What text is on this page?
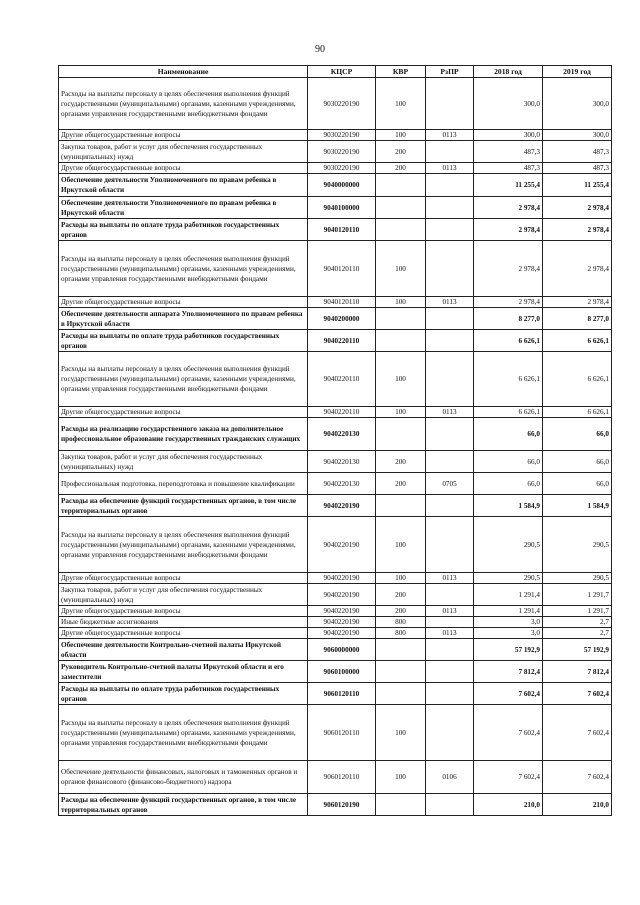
90
Наименование	КЦСР	КВР	РзПР	2018 год	2019 год
Расходы на выплаты персоналу в целях обеспечения выполнения функций государственными (муниципальными) органами, казенными учреждениями, органами управления государственными внебюджетными фондами	9030220190	100		300,0	300,0
Другие общегосударственные вопросы	9030220190	100	0113	300,0	300,0
Закупка товаров, работ и услуг для обеспечения государственных (муниципальных) нужд	9030220190	200		487,3	487,3
Другие общегосударственные вопросы	9030220190	200	0113	487,3	487,3
Обеспечение деятельности Уполномоченного по правам ребенка в Иркутской области	9040000000			11 255,4	11 255,4
Обеспечение деятельности Уполномоченного по правам ребенка в Иркутской области	9040100000			2 978,4	2 978,4
Расходы на выплаты по оплате труда работников государственных органов	9040120110			2 978,4	2 978,4
Расходы на выплаты персоналу в целях обеспечения выполнения функций государственными (муниципальными) органами, казенными учреждениями, органами управления государственными внебюджетными фондами	9040120110	100		2 978,4	2 978,4
Другие общегосударственные вопросы	9040120110	100	0113	2 978,4	2 978,4
Обеспечение деятельности аппарата Уполномоченного по правам ребенка в Иркутской области	9040200000			8 277,0	8 277,0
Расходы на выплаты по оплате труда работников государственных органов	9040220110			6 626,1	6 626,1
Расходы на выплаты персоналу в целях обеспечения выполнения функций государственными (муниципальными) органами, казенными учреждениями, органами управления государственными внебюджетными фондами	9040220110	100		6 626,1	6 626,1
Другие общегосударственные вопросы	9040220110	100	0113	6 626,1	6 626,1
Расходы на реализацию государственного заказа на дополнительное профессиональное образование государственных гражданских служащих	9040220130			66,0	66,0
Закупка товаров, работ и услуг для обеспечения государственных (муниципальных) нужд	9040220130	200		66,0	66,0
Профессиональная подготовка, переподготовка и повышение квалификации	9040220130	200	0705	66,0	66,0
Расходы на обеспечение функций государственных органов, в том числе территориальных органов	9040220190			1 584,9	1 584,9
Расходы на выплаты персоналу в целях обеспечения выполнения функций государственными (муниципальными) органами, казенными учреждениями, органами управления государственными внебюджетными фондами	9040220190	100		290,5	290,5
Другие общегосударственные вопросы	9040220190	100	0113	290,5	290,5
Закупка товаров, работ и услуг для обеспечения государственных (муниципальных) нужд	9040220190	200		1 291,4	1 291,7
Другие общегосударственные вопросы	9040220190	200	0113	1 291,4	1 291,7
Иные бюджетные ассигнования	9040220190	800		3,0	2,7
Другие общегосударственные вопросы	9040220190	800	0113	3,0	2,7
Обеспечение деятельности Контрольно-счетной палаты Иркутской области	9060000000			57 192,9	57 192,9
Руководитель Контрольно-счетной палаты Иркутской области и его заместители	9060100000			7 812,4	7 812,4
Расходы на выплаты по оплате труда работников государственных органов	9060120110			7 602,4	7 602,4
Расходы на выплаты персоналу в целях обеспечения выполнения функций государственными (муниципальными) органами, казенными учреждениями, органами управления государственными внебюджетными фондами	9060120110	100		7 602,4	7 602,4
Обеспечение деятельности финансовых, налоговых и таможенных органов и органов финансового (финансово-бюджетного) надзора	9060120110	100	0106	7 602,4	7 602,4
Расходы на обеспечение функций государственных органов, в том числе территориальных органов	9060120190			210,0	210,0
